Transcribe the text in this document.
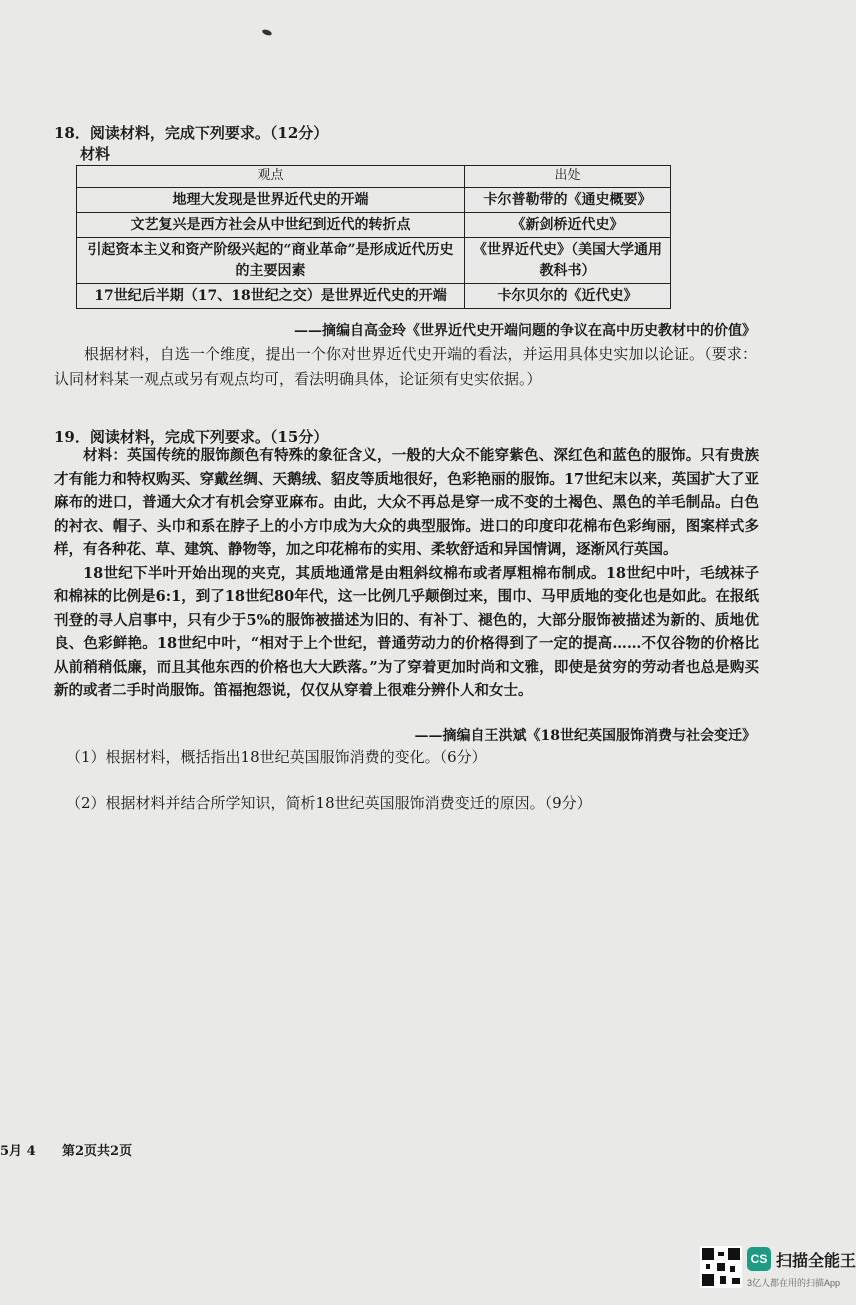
18．阅读材料，完成下列要求。（12分）
材料
观点	出处
地理大发现是世界近代史的开端	卡尔普勒带的《通史概要》
文艺复兴是西方社会从中世纪到近代的转折点	《新剑桥近代史》
引起资本主义和资产阶级兴起的“商业革命”是形成近代历史的主要因素	《世界近代史》（美国大学通用教科书）
17世纪后半期（17、18世纪之交）是世界近代史的开端	卡尔贝尔的《近代史》
——摘编自高金玲《世界近代史开端问题的争议在高中历史教材中的价值》
根据材料，自选一个维度，提出一个你对世界近代史开端的看法，并运用具体史实加以论证。（要求：认同材料某一观点或另有观点均可，看法明确具体，论证须有史实依据。）
19．阅读材料，完成下列要求。（15分）

材料：英国传统的服饰颜色有特殊的象征含义，一般的大众不能穿紫色、深红色和蓝色的服饰。只有贵族才有能力和特权购买、穿戴丝绸、天鹅绒、貂皮等质地很好，色彩艳丽的服饰。17世纪末以来，英国扩大了亚麻布的进口，普通大众才有机会穿亚麻布。由此，大众不再总是穿一成不变的土褐色、黑色的羊毛制品。白色的衬衣、帽子、头巾和系在脖子上的小方巾成为大众的典型服饰。进口的印度印花棉布色彩绚丽，图案样式多样，有各种花、草、建筑、静物等，加之印花棉布的实用、柔软舒适和异国情调，逐渐风行英国。

18世纪下半叶开始出现的夹克，其质地通常是由粗斜纹棉布或者厚粗棉布制成。18世纪中叶，毛绒袜子和棉袜的比例是6:1，到了18世纪80年代，这一比例几乎颠倒过来，围巾、马甲质地的变化也是如此。在报纸刊登的寻人启事中，只有少于5%的服饰被描述为旧的、有补丁、褪色的，大部分服饰被描述为新的、质地优良、色彩鲜艳。18世纪中叶，“相对于上个世纪，普通劳动力的价格得到了一定的提高……不仅谷物的价格比从前稍稍低廉，而且其他东西的价格也大大跌落。”为了穿着更加时尚和文雅，即使是贫穷的劳动者也总是购买新的或者二手时尚服饰。笛福抱怨说，仅仅从穿着上很难分辨仆人和女士。

——摘编自王洪斌《18世纪英国服饰消费与社会变迁》
（1）根据材料，概括指出18世纪英国服饰消费的变化。（6分）
（2）根据材料并结合所学知识，简析18世纪英国服饰消费变迁的原因。（9分）
5月 4 第2页共2页
CS 扫描全能王
3亿人都在用的扫描App
